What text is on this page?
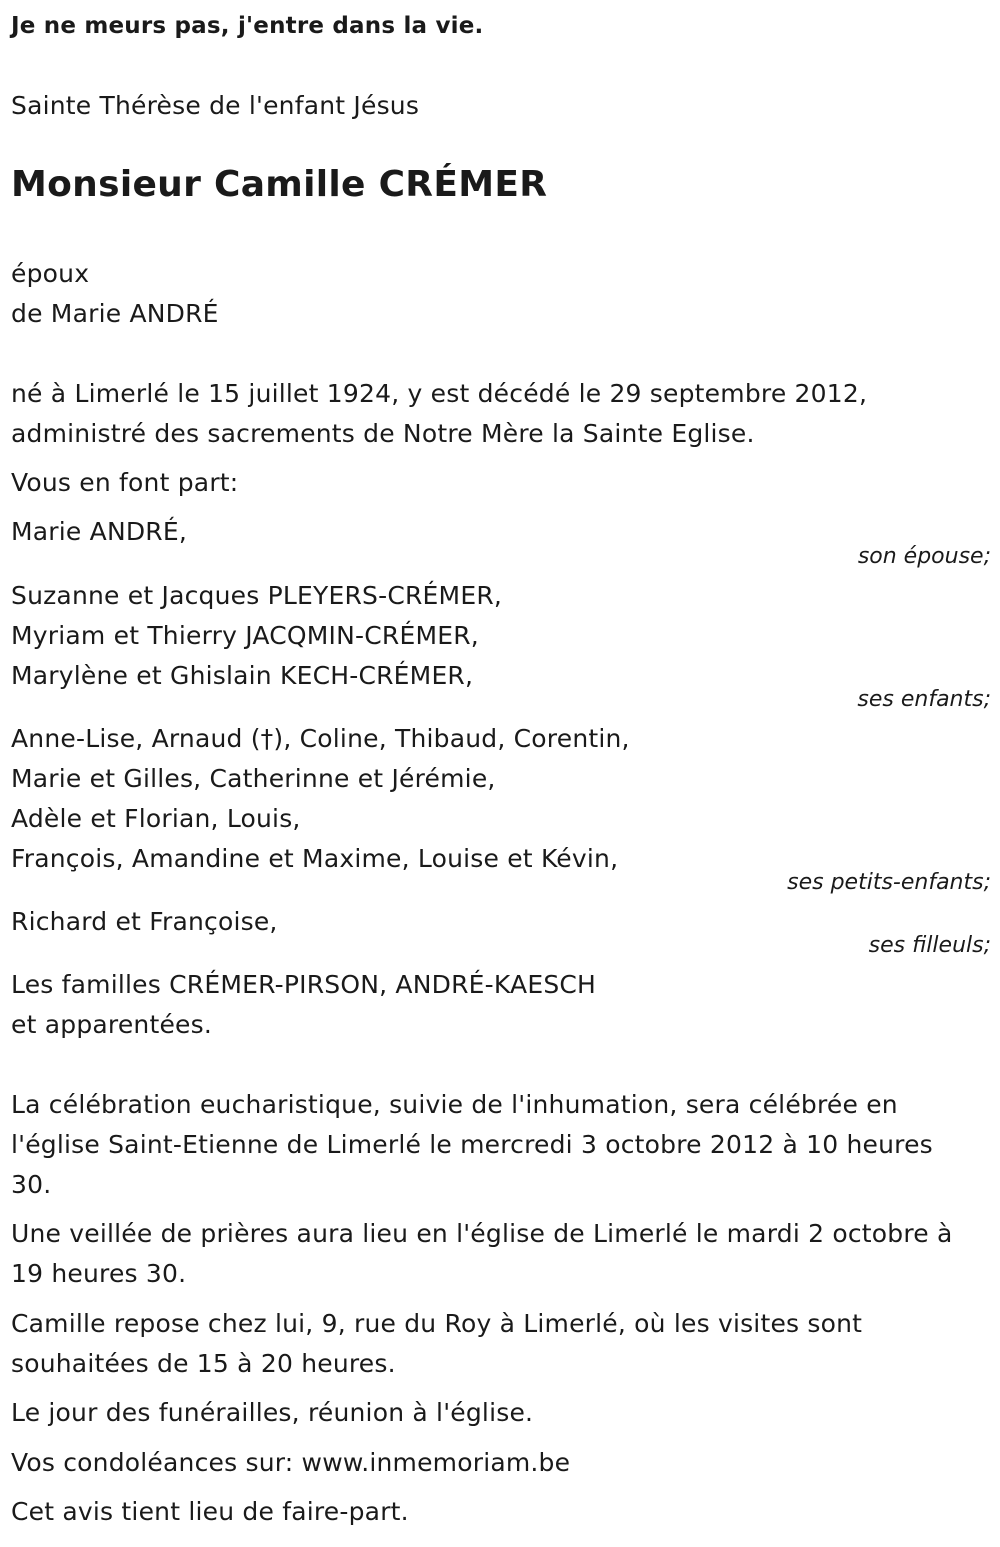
Je ne meurs pas, j'entre dans la vie.
Sainte Thérèse de l'enfant Jésus
Monsieur Camille CRÉMER
époux
de Marie ANDRÉ
né à Limerlé le 15 juillet 1924, y est décédé le 29 septembre 2012,
administré des sacrements de Notre Mère la Sainte Eglise.
Vous en font part:
Marie ANDRÉ,
son épouse;
Suzanne et Jacques PLEYERS-CRÉMER,
Myriam et Thierry JACQMIN-CRÉMER,
Marylène et Ghislain KECH-CRÉMER,
ses enfants;
Anne-Lise, Arnaud (†), Coline, Thibaud, Corentin,
Marie et Gilles, Catherinne et Jérémie,
Adèle et Florian, Louis,
François, Amandine et Maxime, Louise et Kévin,
ses petits-enfants;
Richard et Françoise,
ses filleuls;
Les familles CRÉMER-PIRSON, ANDRÉ-KAESCH
et apparentées.
La célébration eucharistique, suivie de l'inhumation, sera célébrée en
l'église Saint-Etienne de Limerlé le mercredi 3 octobre 2012 à 10 heures
30.
Une veillée de prières aura lieu en l'église de Limerlé le mardi 2 octobre à
19 heures 30.
Camille repose chez lui, 9, rue du Roy à Limerlé, où les visites sont
souhaitées de 15 à 20 heures.
Le jour des funérailles, réunion à l'église.
Vos condoléances sur: www.inmemoriam.be
Cet avis tient lieu de faire-part.
